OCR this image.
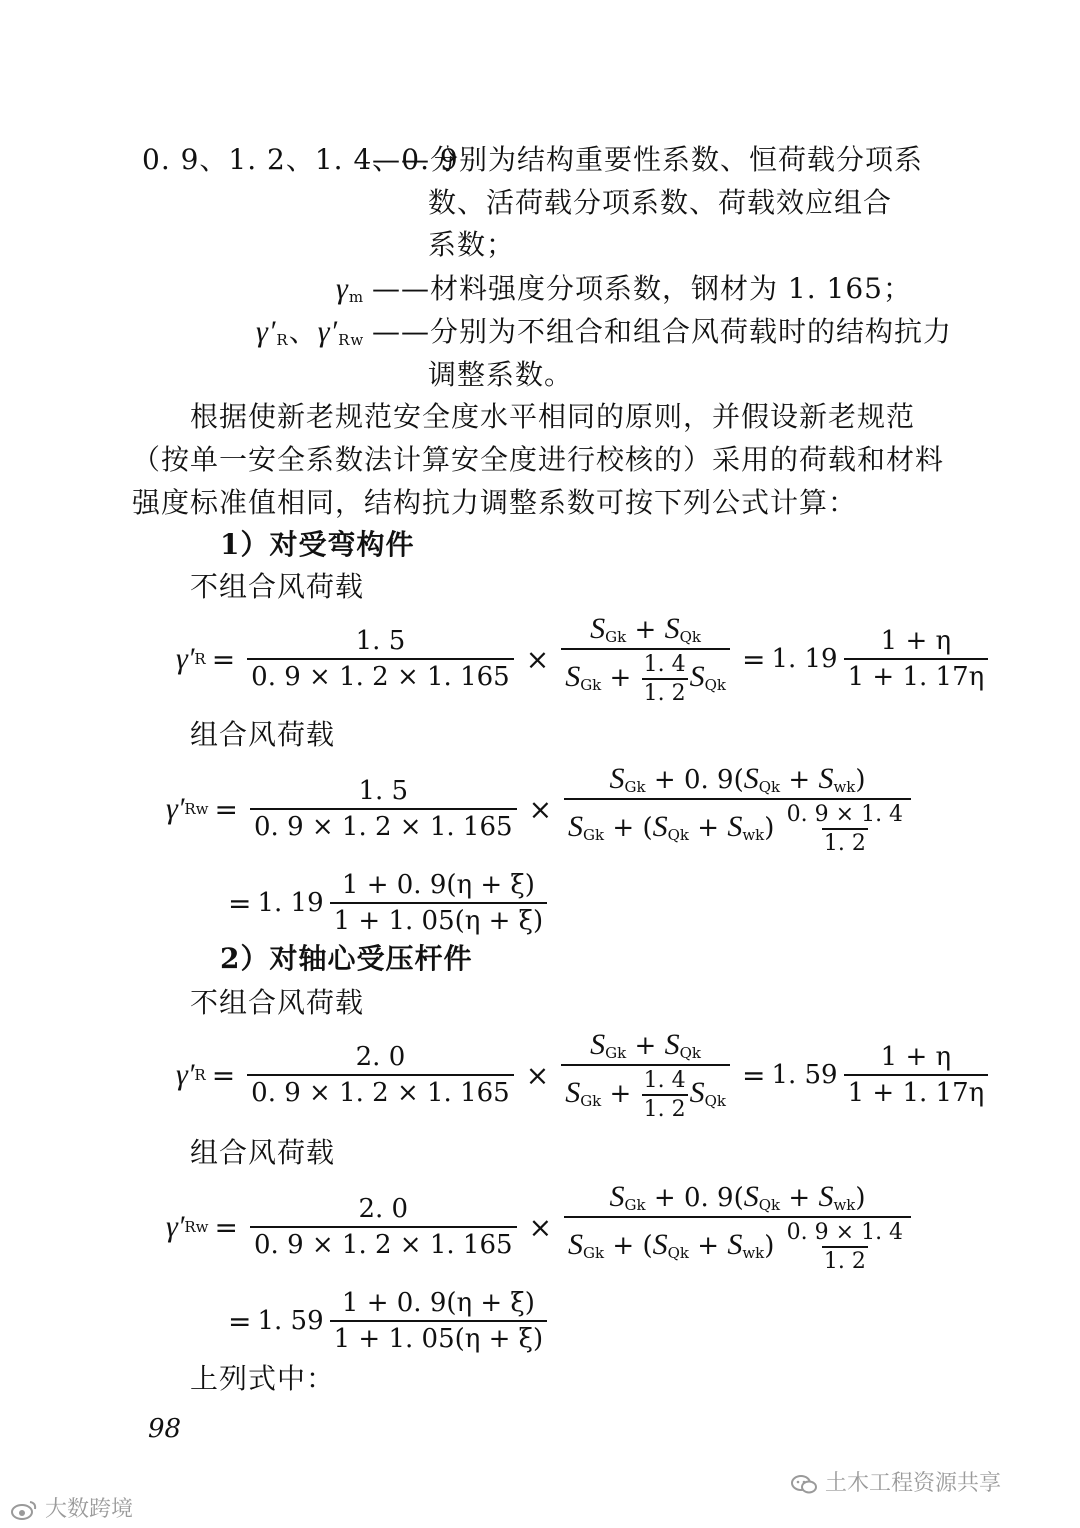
0. 9、1. 2、1. 4、0. 9
——分别为结构重要性系数、恒荷载分项系
数、活荷载分项系数、荷载效应组合
系数；
$\gamma_m$ ——材料强度分项系数，钢材为 1. 165；
$\gamma'_R$、$\gamma'_{Rw}$ ——分别为不组合和组合风荷载时的结构抗力
调整系数。
根据使新老规范安全度水平相同的原则，并假设新老规范
（按单一安全系数法计算安全度进行校核的）采用的荷载和材料
强度标准值相同，结构抗力调整系数可按下列公式计算：
1）对受弯构件
不组合风荷载
γ′ $R = \frac{1. 5}{0. 9 \times 1. 2 \times 1. 165} \times \frac{S_{Gk} + S_{Qk}}{S_{Gk} + \frac{1. 4}{1. 2} S_{Qk}} = 1$. $19 \frac{1 + \eta}{1 + 1. 17\eta}$
组合风荷载
γ′ $Rw = \frac{1. 5}{0. 9 \times 1. 2 \times 1. 165} \times \frac{S_{Gk} + 0. 9(S_{Qk} + S_{wk})}{S_{Gk} + (S_{Qk} + S_{wk}) \frac{0. 9 \times 1. 4}{1. 2}}$
= 1. $19 \frac{1 + 0. 9(\eta + \xi)}{1 + 1. 05(\eta + \xi)}$
2）对轴心受压杆件
不组合风荷载
γ′ $R = \frac{2. 0}{0. 9 \times 1. 2 \times 1. 165} \times \frac{S_{Gk} + S_{Qk}}{S_{Gk} + \frac{1. 4}{1. 2} S_{Qk}} = 1$. $59 \frac{1 + \eta}{1 + 1. 17\eta}$
组合风荷载
γ′ $Rw = \frac{2. 0}{0. 9 \times 1. 2 \times 1. 165} \times \frac{S_{Gk} + 0. 9(S_{Qk} + S_{wk})}{S_{Gk} + (S_{Qk} + S_{wk}) \frac{0. 9 \times 1. 4}{1. 2}}$
= 1. $59 \frac{1 + 0. 9(\eta + \xi)}{1 + 1. 05(\eta + \xi)}$
上列式中：
98
大数跨境
土木工程资源共享
